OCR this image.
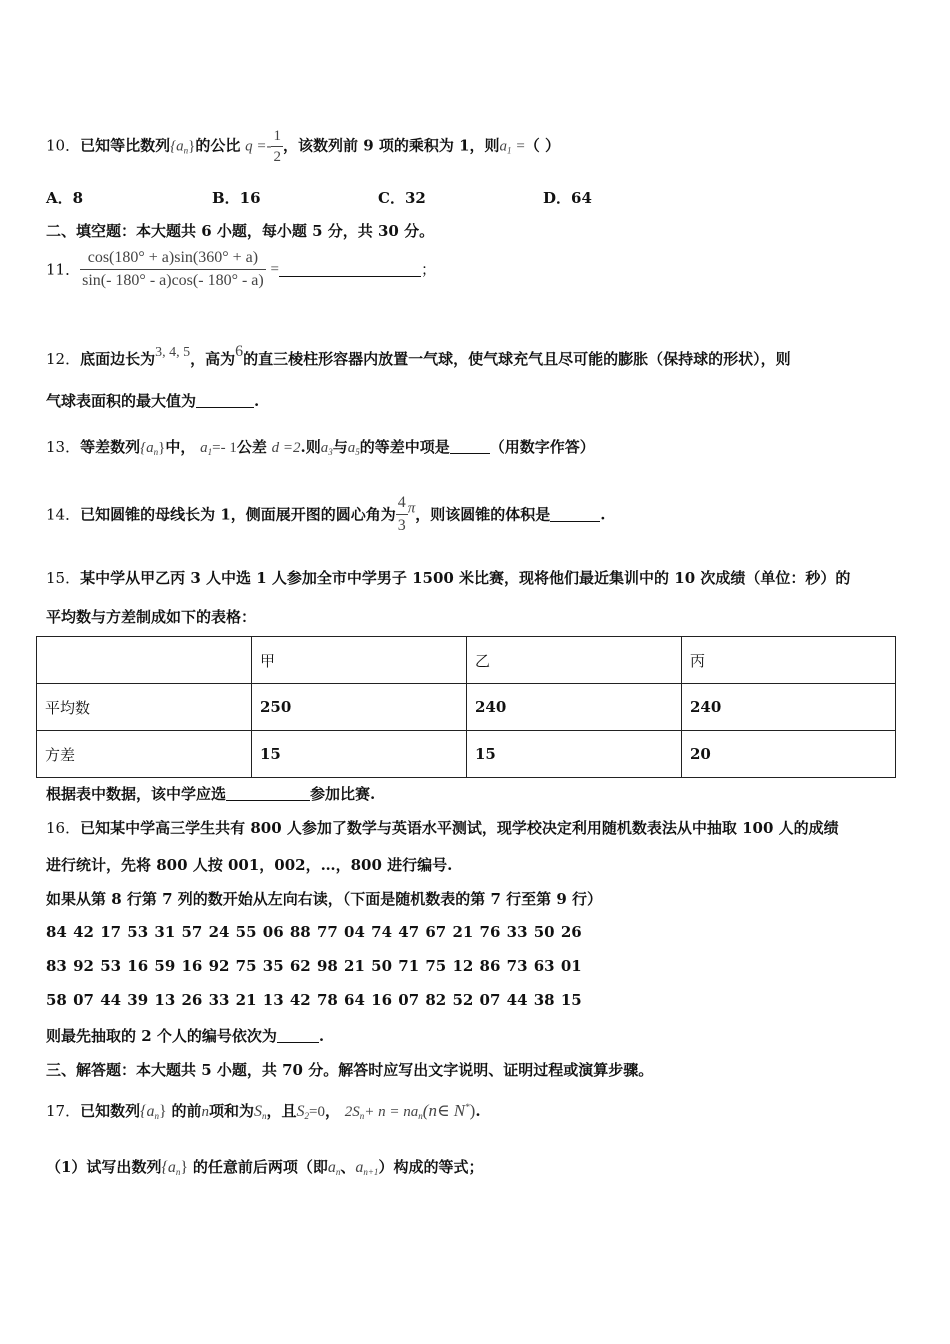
10．已知等比数列$\{a_n\}$的公比 $q =- \frac{1}{2}$ ，该数列前 9 项的乘积为 1，则$a_1$ =（ ）
A．8	B．16	C．32	D．64
二、填空题：本大题共 6 小题，每小题 5 分，共 30 分。
11． $\frac{\cos(180^\circ + a)\sin(360^\circ + a)}{\sin(- 180^\circ - a)\cos(- 180^\circ - a)}$ =	；
12．底面边长为3, 4, 5，高为6的直三棱柱形容器内放置一气球，使气球充气且尽可能的膨胀（保持球的形状），则
气球表面积的最大值为	.
13．等差数列$\{a_n\}$中， $a_1=-$ 1公差 d =2.则$a_3$与$a_5$的等差中项是	（用数字作答）
14．已知圆锥的母线长为 1，侧面展开图的圆心角为 $\frac{4}{3}$ π，则该圆锥的体积是	.
15．某中学从甲乙丙 3 人中选 1 人参加全市中学男子 1500 米比赛，现将他们最近集训中的 10 次成绩（单位：秒）的
平均数与方差制成如下的表格：
	甲	乙	丙
平均数	250	240	240
方差	15	15	20
根据表中数据，该中学应选	参加比赛.
16．已知某中学高三学生共有 800 人参加了数学与英语水平测试，现学校决定利用随机数表法从中抽取 100 人的成绩
进行统计，先将 800 人按 001，002，…，800 进行编号.
如果从第 8 行第 7 列的数开始从左向右读，（下面是随机数表的第 7 行至第 9 行）
84 42 17 53 31 57 24 55 06 88 77 04 74 47 67 21 76 33 50 26
83 92 53 16 59 16 92 75 35 62 98 21 50 71 75 12 86 73 63 01
58 07 44 39 13 26 33 21 13 42 78 64 16 07 82 52 07 44 38 15
则最先抽取的 2 个人的编号依次为	.
三、解答题：本大题共 5 小题，共 70 分。解答时应写出文字说明、证明过程或演算步骤。
17．已知数列$\{a_n\}$ 的前n项和为$S_n$，且$S_2=0$， $2S_n+ n$ = $na_n(n\in$ N*).
（1）试写出数列$\{a_n\}$ 的任意前后两项（即$a_n$、$a_{n+1}$）构成的等式；
